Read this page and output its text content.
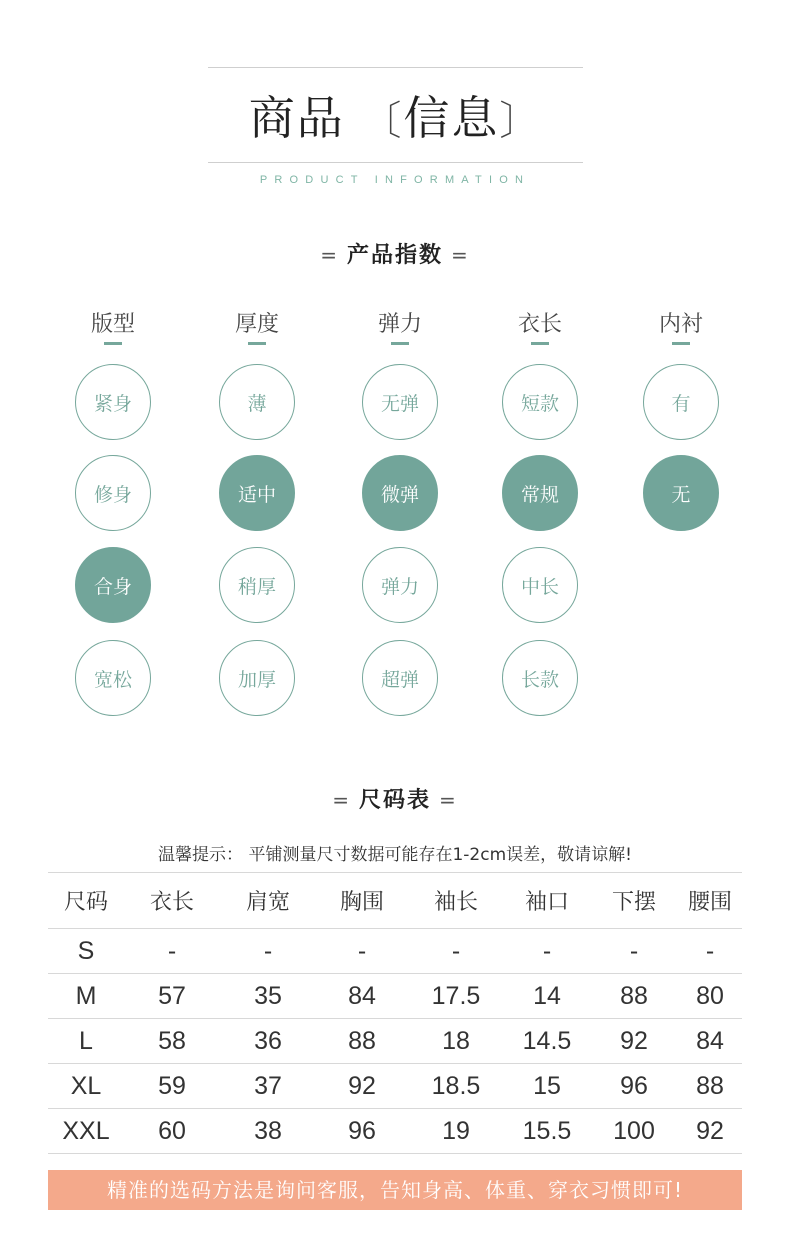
商品 〔信息〕
PRODUCT INFORMATION
= 产品指数 =
版型
紧身
修身
合身
宽松
厚度
薄
适中
稍厚
加厚
弹力
无弹
微弹
弹力
超弹
衣长
短款
常规
中长
长款
内衬
有
无
= 尺码表 =
温馨提示： 平铺测量尺寸数据可能存在1-2cm误差，敬请谅解!
尺码	衣长	肩宽	胸围	袖长	袖口	下摆	腰围
S	-	-	-	-	-	-	-
M	57	35	84	17.5	14	88	80
L	58	36	88	18	14.5	92	84
XL	59	37	92	18.5	15	96	88
XXL	60	38	96	19	15.5	100	92
精准的选码方法是询问客服，告知身高、体重、穿衣习惯即可!
